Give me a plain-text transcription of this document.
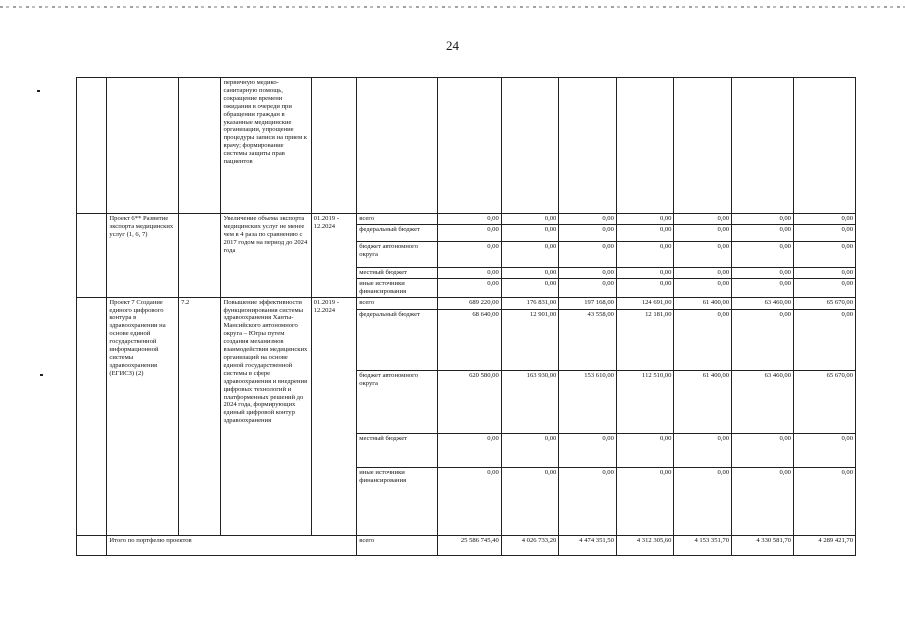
24
			первичную медико-санитарную помощь, сокращение времени ожидания в очереди при обращении граждан в указанные медицинские организации, упрощение процедуры записи на прием к врачу; формирование системы защиты прав пациентов									
	Проект 6** Развитие экспорта медицинских услуг (1, 6, 7)		Увеличение объема экспорта медицинских услуг не менее чем в 4 раза по сравнению с 2017 годом на период до 2024 года	01.2019 - 12.2024	всего	0,00	0,00	0,00	0,00	0,00	0,00	0,00
					федеральный бюджет	0,00	0,00	0,00	0,00	0,00	0,00	0,00
					бюджет автономного округа	0,00	0,00	0,00	0,00	0,00	0,00	0,00
					местный бюджет	0,00	0,00	0,00	0,00	0,00	0,00	0,00
					иные источники финансирования	0,00	0,00	0,00	0,00	0,00	0,00	0,00
	Проект 7 Создание единого цифрового контура в здравоохранении на основе единой государственной информационной системы здравоохранения (ЕГИСЗ) (2)	7.2	Повышение эффективности функционирования системы здравоохранения Ханты-Мансийского автономного округа – Югры путем создания механизмов взаимодействия медицинских организаций на основе единой государственной системы в сфере здравоохранения и внедрения цифровых технологий и платформенных решений до 2024 года, формирующих единый цифровой контур здравоохранения	01.2019 - 12.2024	всего	689 220,00	176 831,00	197 168,00	124 691,00	61 400,00	63 460,00	65 670,00
					федеральный бюджет	68 640,00	12 901,00	43 558,00	12 181,00	0,00	0,00	0,00
					бюджет автономного округа	620 580,00	163 930,00	153 610,00	112 510,00	61 400,00	63 460,00	65 670,00
					местный бюджет	0,00	0,00	0,00	0,00	0,00	0,00	0,00
					иные источники финансирования	0,00	0,00	0,00	0,00	0,00	0,00	0,00
	Итого по портфелю проектов				всего	25 586 745,40	4 026 733,20	4 474 351,50	4 312 305,60	4 153 351,70	4 330 581,70	4 289 421,70
